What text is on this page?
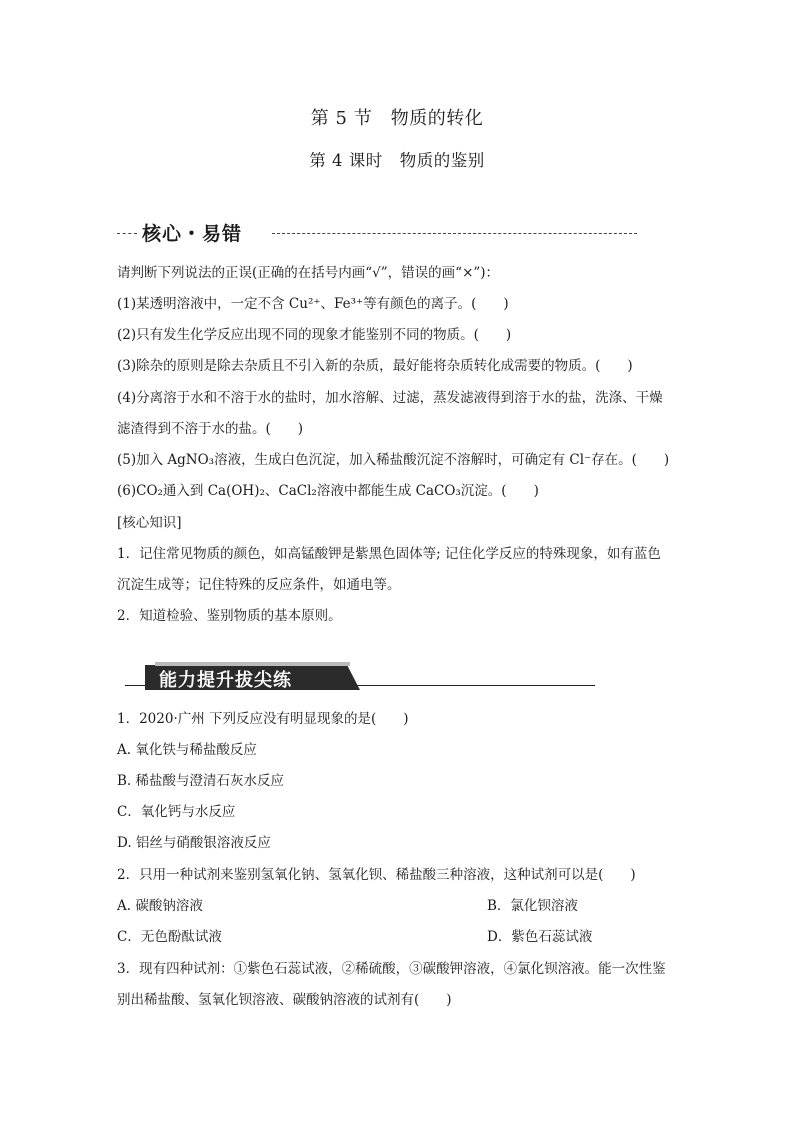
第 5 节　物质的转化
第 4 课时　物质的鉴别
核心・易错
请判断下列说法的正误(正确的在括号内画“√”，错误的画“×”)：
(1)某透明溶液中，一定不含 Cu²⁺、Fe³⁺等有颜色的离子。(　　)
(2)只有发生化学反应出现不同的现象才能鉴别不同的物质。(　　)
(3)除杂的原则是除去杂质且不引入新的杂质，最好能将杂质转化成需要的物质。(　　)
(4)分离溶于水和不溶于水的盐时，加水溶解、过滤，蒸发滤液得到溶于水的盐，洗涤、干燥
滤渣得到不溶于水的盐。(　　)
(5)加入 AgNO₃溶液，生成白色沉淀，加入稀盐酸沉淀不溶解时，可确定有 Cl⁻存在。(　　)
(6)CO₂通入到 Ca(OH)₂、CaCl₂溶液中都能生成 CaCO₃沉淀。(　　)
[核心知识]
1．记住常见物质的颜色，如高锰酸钾是紫黑色固体等; 记住化学反应的特殊现象，如有蓝色
沉淀生成等；记住特殊的反应条件，如通电等。
2．知道检验、鉴别物质的基本原则。
能力提升拔尖练
1．2020·广州 下列反应没有明显现象的是(　　)
A. 氧化铁与稀盐酸反应
B. 稀盐酸与澄清石灰水反应
C．氧化钙与水反应
D. 铝丝与硝酸银溶液反应
2．只用一种试剂来鉴别氢氧化钠、氢氧化钡、稀盐酸三种溶液，这种试剂可以是(　　)
A. 碳酸钠溶液	B．氯化钡溶液
C．无色酚酞试液	D．紫色石蕊试液
3．现有四种试剂：①紫色石蕊试液，②稀硫酸，③碳酸钾溶液，④氯化钡溶液。能一次性鉴
别出稀盐酸、氢氧化钡溶液、碳酸钠溶液的试剂有(　　)
